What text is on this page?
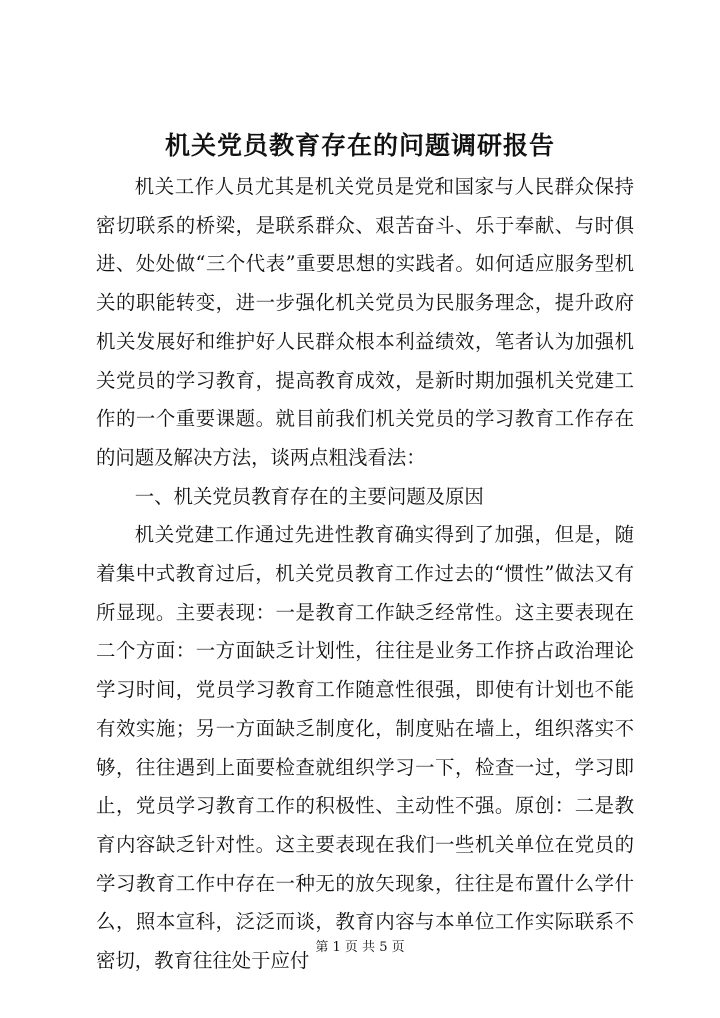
机关党员教育存在的问题调研报告

机关工作人员尤其是机关党员是党和国家与人民群众保持密切联系的桥梁，是联系群众、艰苦奋斗、乐于奉献、与时俱进、处处做“三个代表”重要思想的实践者。如何适应服务型机关的职能转变，进一步强化机关党员为民服务理念，提升政府机关发展好和维护好人民群众根本利益绩效，笔者认为加强机关党员的学习教育，提高教育成效，是新时期加强机关党建工作的一个重要课题。就目前我们机关党员的学习教育工作存在的问题及解决方法，谈两点粗浅看法：

一、机关党员教育存在的主要问题及原因

机关党建工作通过先进性教育确实得到了加强，但是，随着集中式教育过后，机关党员教育工作过去的“惯性”做法又有所显现。主要表现：一是教育工作缺乏经常性。这主要表现在二个方面：一方面缺乏计划性，往往是业务工作挤占政治理论学习时间，党员学习教育工作随意性很强，即使有计划也不能有效实施；另一方面缺乏制度化，制度贴在墙上，组织落实不够，往往遇到上面要检查就组织学习一下，检查一过，学习即止，党员学习教育工作的积极性、主动性不强。原创：二是教育内容缺乏针对性。这主要表现在我们一些机关单位在党员的学习教育工作中存在一种无的放矢现象，往往是布置什么学什么，照本宣科，泛泛而谈，教育内容与本单位工作实际联系不密切，教育往往处于应付

第 1 页 共 5 页
